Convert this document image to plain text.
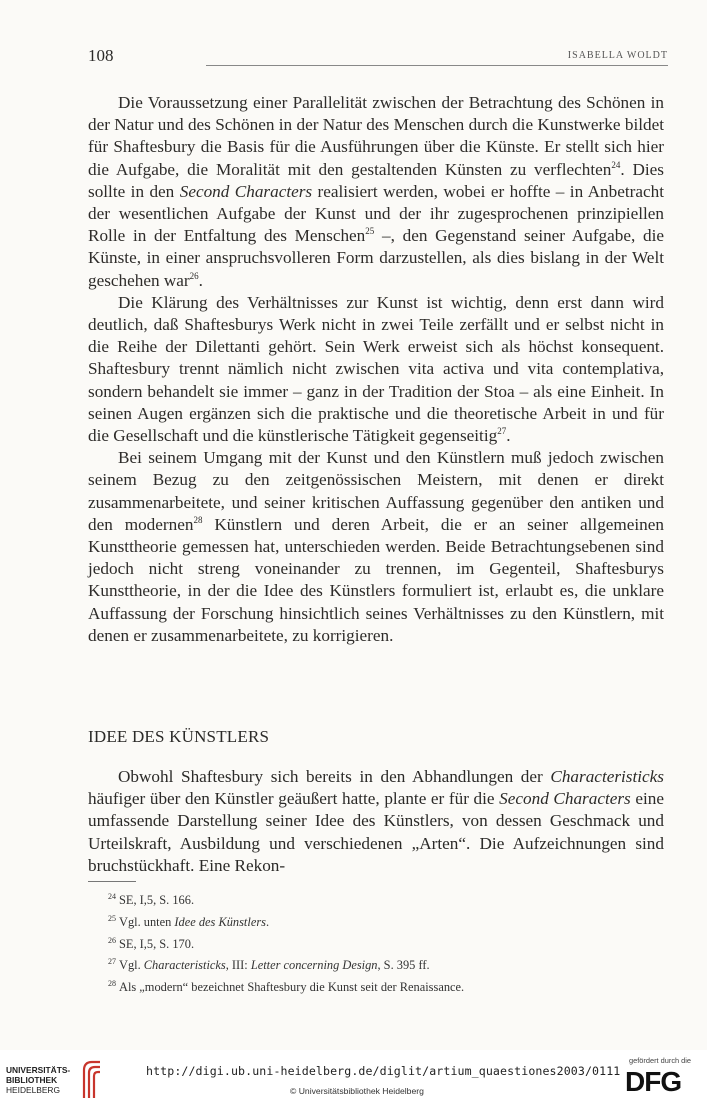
108	ISABELLA WOLDT

Die Voraussetzung einer Parallelität zwischen der Betrachtung des Schönen in der Natur und des Schönen in der Natur des Menschen durch die Kunstwerke bildet für Shaftesbury die Basis für die Ausführungen über die Künste. Er stellt sich hier die Aufgabe, die Moralität mit den gestaltenden Künsten zu verflechten$^{24}$. Dies sollte in den Second Characters realisiert werden, wobei er hoffte – in Anbetracht der wesentlichen Aufgabe der Kunst und der ihr zugesprochenen prinzipiellen Rolle in der Entfaltung des Menschen$^{25}$ –, den Gegenstand seiner Aufgabe, die Künste, in einer anspruchsvolleren Form darzustellen, als dies bislang in der Welt geschehen war$^{26}$.

Die Klärung des Verhältnisses zur Kunst ist wichtig, denn erst dann wird deutlich, daß Shaftesburys Werk nicht in zwei Teile zerfällt und er selbst nicht in die Reihe der Dilettanti gehört. Sein Werk erweist sich als höchst konsequent. Shaftesbury trennt nämlich nicht zwischen vita activa und vita contemplativa, sondern behandelt sie immer – ganz in der Tradition der Stoa – als eine Einheit. In seinen Augen ergänzen sich die praktische und die theoretische Arbeit in und für die Gesellschaft und die künstlerische Tätigkeit gegenseitig$^{27}$.

Bei seinem Umgang mit der Kunst und den Künstlern muß jedoch zwischen seinem Bezug zu den zeitgenössischen Meistern, mit denen er direkt zusammenarbeitete, und seiner kritischen Auffassung gegenüber den antiken und den modernen$^{28}$ Künstlern und deren Arbeit, die er an seiner allgemeinen Kunsttheorie gemessen hat, unterschieden werden. Beide Betrachtungsebenen sind jedoch nicht streng voneinander zu trennen, im Gegenteil, Shaftesburys Kunsttheorie, in der die Idee des Künstlers formuliert ist, erlaubt es, die unklare Auffassung der Forschung hinsichtlich seines Verhältnisses zu den Künstlern, mit denen er zusammenarbeitete, zu korrigieren.

IDEE DES KÜNSTLERS

Obwohl Shaftesbury sich bereits in den Abhandlungen der Characteristicks häufiger über den Künstler geäußert hatte, plante er für die Second Characters eine umfassende Darstellung seiner Idee des Künstlers, von dessen Geschmack und Urteilskraft, Ausbildung und verschiedenen „Arten“. Die Aufzeichnungen sind bruchstückhaft. Eine Rekon-

$^{24}$ SE, I,5, S. 166.
$^{25}$ Vgl. unten Idee des Künstlers.
$^{26}$ SE, I,5, S. 170.
$^{27}$ Vgl. Characteristicks, III: Letter concerning Design, S. 395 ff.
$^{28}$ Als „modern“ bezeichnet Shaftesbury die Kunst seit der Renaissance.
UNIVERSITÄTS-
BIBLIOTHEK
HEIDELBERG
http://digi.ub.uni-heidelberg.de/diglit/artium_quaestiones2003/0111
© Universitätsbibliothek Heidelberg
gefördert durch die
DFG
